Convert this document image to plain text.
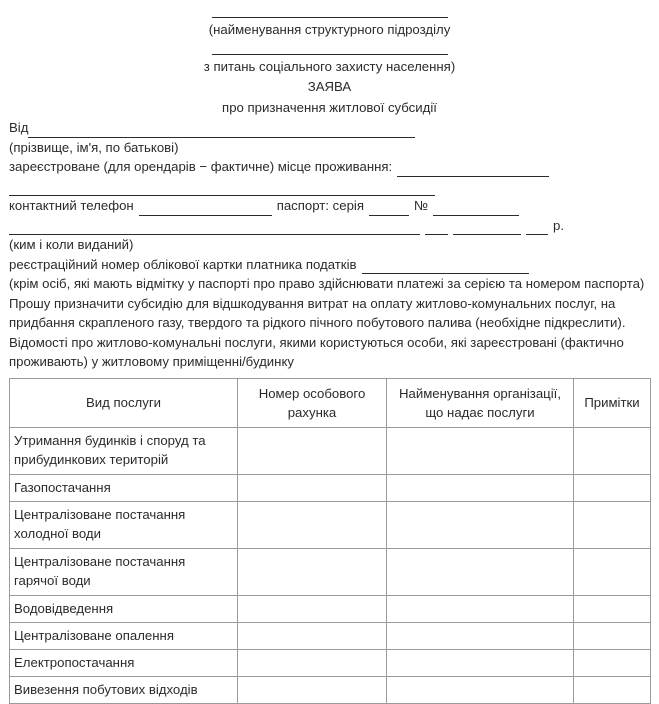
(найменування структурного підрозділу
з питань соціального захисту населення)
ЗАЯВА
про призначення житлової субсидії
Від
(прізвище, ім'я, по батькові)
зареєстроване (для орендарів − фактичне) місце проживання:
контактний телефон	паспорт: серія	№
р.
(ким і коли виданий)
реєстраційний номер облікової картки платника податків

(крім осіб, які мають відмітку у паспорті про право здійснювати платежі за серією та номером паспорта)

Прошу призначити субсидію для відшкодування витрат на оплату житлово-комунальних послуг, на придбання скрапленого газу, твердого та рідкого пічного побутового палива (необхідне підкреслити).

Відомості про житлово-комунальні послуги, якими користуються особи, які зареєстровані (фактично проживають) у житловому приміщенні/будинку

Вид послуги	Номер особового рахунка	Найменування організації, що надає послуги	Примітки
Утримання будинків і споруд та прибудинкових територій			
Газопостачання			
Централізоване постачання холодної води			
Централізоване постачання гарячої води			
Водовідведення			
Централізоване опалення			
Електропостачання			
Вивезення побутових відходів			
